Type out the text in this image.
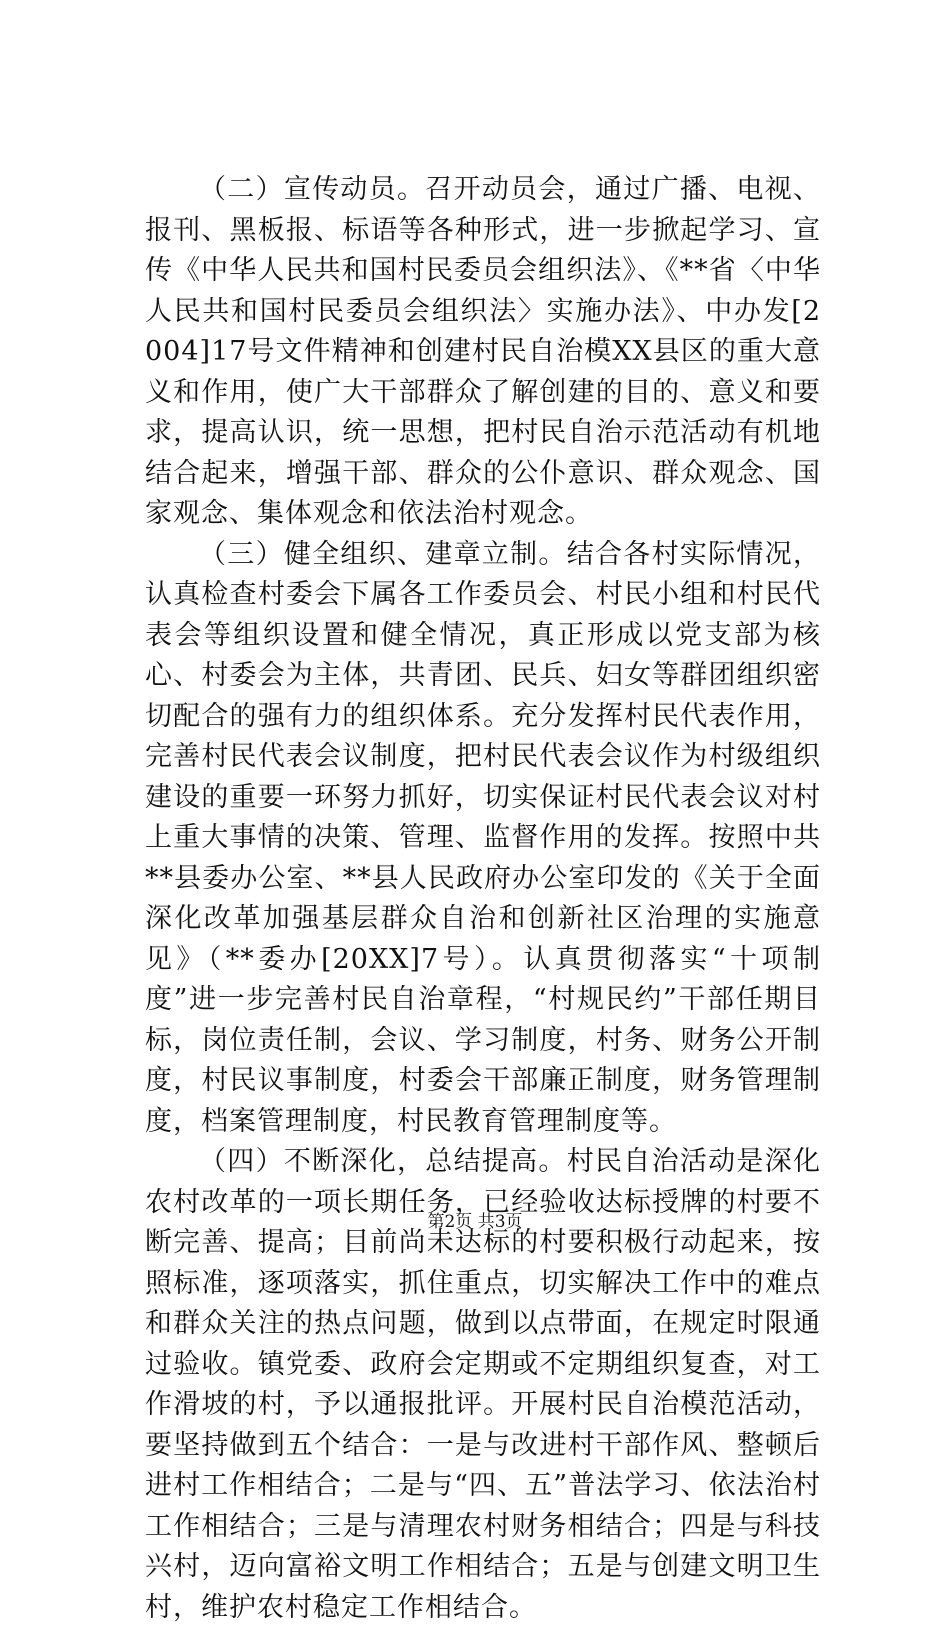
（二）宣传动员。召开动员会，通过广播、电视、报刊、黑板报、标语等各种形式，进一步掀起学习、宣传《中华人民共和国村民委员会组织法》、《**省〈中华人民共和国村民委员会组织法〉实施办法》、中办发[2004]17号文件精神和创建村民自治模XX县区的重大意义和作用，使广大干部群众了解创建的目的、意义和要求，提高认识，统一思想，把村民自治示范活动有机地结合起来，增强干部、群众的公仆意识、群众观念、国家观念、集体观念和依法治村观念。

（三）健全组织、建章立制。结合各村实际情况，认真检查村委会下属各工作委员会、村民小组和村民代表会等组织设置和健全情况，真正形成以党支部为核心、村委会为主体，共青团、民兵、妇女等群团组织密切配合的强有力的组织体系。充分发挥村民代表作用，完善村民代表会议制度，把村民代表会议作为村级组织建设的重要一环努力抓好，切实保证村民代表会议对村上重大事情的决策、管理、监督作用的发挥。按照中共**县委办公室、**县人民政府办公室印发的《关于全面深化改革加强基层群众自治和创新社区治理的实施意见》（**委办[20XX]7号）。认真贯彻落实“十项制度”进一步完善村民自治章程，“村规民约”干部任期目标，岗位责任制，会议、学习制度，村务、财务公开制度，村民议事制度，村委会干部廉正制度，财务管理制度，档案管理制度，村民教育管理制度等。

（四）不断深化，总结提高。村民自治活动是深化农村改革的一项长期任务，已经验收达标授牌的村要不断完善、提高；目前尚未达标的村要积极行动起来，按照标准，逐项落实，抓住重点，切实解决工作中的难点和群众关注的热点问题，做到以点带面，在规定时限通过验收。镇党委、政府会定期或不定期组织复查，对工作滑坡的村，予以通报批评。开展村民自治模范活动，要坚持做到五个结合：一是与改进村干部作风、整顿后进村工作相结合；二是与“四、五”普法学习、依法治村工作相结合；三是与清理农村财务相结合；四是与科技兴村，迈向富裕文明工作相结合；五是与创建文明卫生村，维护农村稳定工作相结合。

第2页 共3页
